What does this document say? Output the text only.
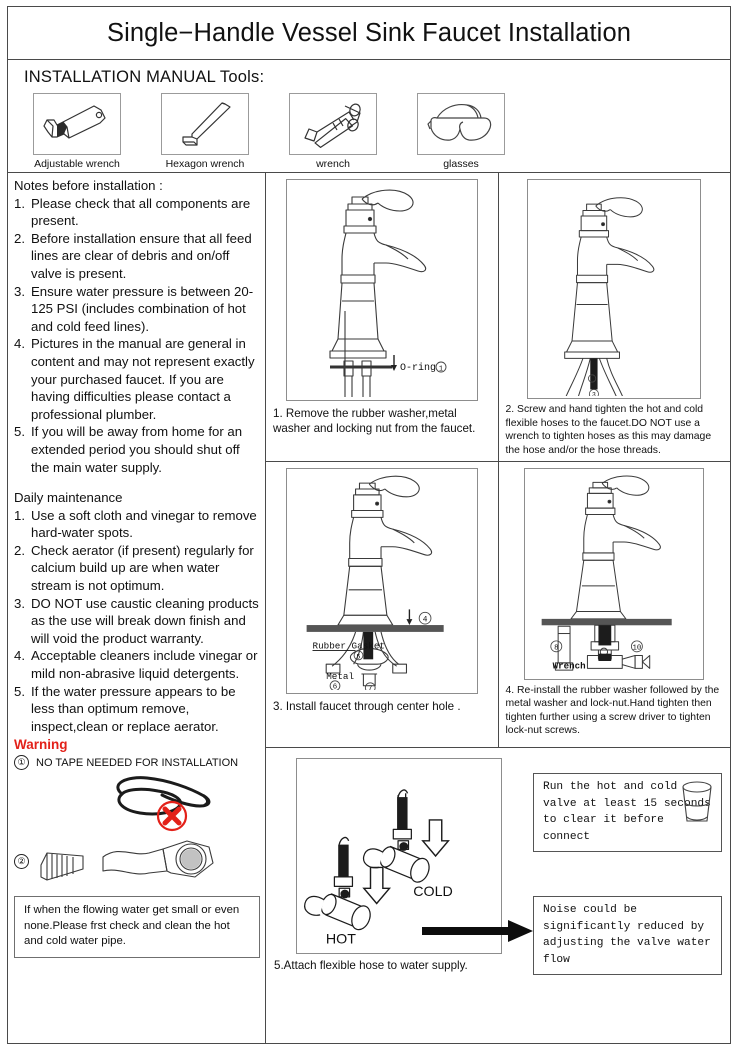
Single−Handle Vessel Sink Faucet Installation
INSTALLATION MANUAL Tools:
Adjustable wrench	Hexagon wrench	wrench	glasses
Notes before installation :
1. Please check that all components are present.
2. Before installation ensure that all feed lines are clear of debris and on/off valve is present.
3. Ensure water pressure is between 20-125 PSI (includes combination of hot and cold feed lines).
4. Pictures in the manual are general in content and may not represent exactly your purchased faucet. If you are having difficulties please contact a professional plumber.
5. If you will be away from home for an extended period you should shut off the main water supply.
Daily maintenance
1. Use a soft cloth and vinegar to remove hard-water spots.
2. Check aerator (if present) regularly for calcium build up are when water stream is not optimum.
3. DO NOT use caustic cleaning products as the use will break down finish and will void the product warranty.
4. Acceptable cleaners include vinegar or mild non-abrasive liquid detergents.
5. If the water pressure appears to be less than optimum remove, inspect,clean or replace aerator.
Warning
① NO TAPE NEEDED FOR INSTALLATION
②
If when the flowing water get small or even none.Please frst check and clean the hot and cold water pipe.
O-ring 1
1. Remove the rubber washer,metal washer and locking nut from the faucet.
3
2. Screw and hand tighten the hot and cold flexible hoses to the faucet.DO NOT use a wrench to tighten hoses as this may damage the hose and/or the hose threads.
4
Rubber Gasket
5
Metal
6	7
3. Install faucet through center hole .
8
Wrench
10
4. Re-install the rubber washer followed by the metal washer and lock-nut.Hand tighten then tighten further using a screw driver to tighten lock-nut screws.
COLD
HOT
5.Attach flexible hose to water supply.
Run the hot and cold valve at least 15 seconds to clear it before connect
Noise could be significantly reduced by adjusting the valve water flow
